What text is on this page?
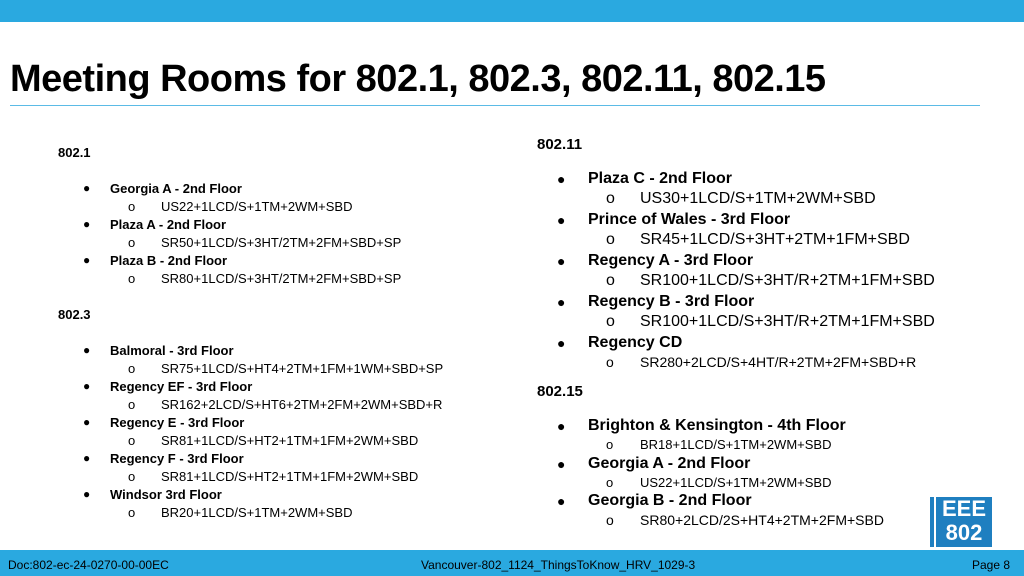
Meeting Rooms for 802.1, 802.3, 802.11, 802.15
802.1
● Georgia A - 2nd Floor
o US22+1LCD/S+1TM+2WM+SBD
● Plaza A - 2nd Floor
o SR50+1LCD/S+3HT/2TM+2FM+SBD+SP
● Plaza B - 2nd Floor
o SR80+1LCD/S+3HT/2TM+2FM+SBD+SP
802.3
● Balmoral - 3rd Floor
o SR75+1LCD/S+HT4+2TM+1FM+1WM+SBD+SP
● Regency EF - 3rd Floor
o SR162+2LCD/S+HT6+2TM+2FM+2WM+SBD+R
● Regency E - 3rd Floor
o SR81+1LCD/S+HT2+1TM+1FM+2WM+SBD
● Regency F - 3rd Floor
o SR81+1LCD/S+HT2+1TM+1FM+2WM+SBD
● Windsor 3rd Floor
o BR20+1LCD/S+1TM+2WM+SBD
802.11
● Plaza C - 2nd Floor
o US30+1LCD/S+1TM+2WM+SBD
● Prince of Wales - 3rd Floor
o SR45+1LCD/S+3HT+2TM+1FM+SBD
● Regency A - 3rd Floor
o SR100+1LCD/S+3HT/R+2TM+1FM+SBD
● Regency B - 3rd Floor
o SR100+1LCD/S+3HT/R+2TM+1FM+SBD
● Regency CD
o SR280+2LCD/S+4HT/R+2TM+2FM+SBD+R
802.15
● Brighton & Kensington - 4th Floor
o BR18+1LCD/S+1TM+2WM+SBD
● Georgia A - 2nd Floor
o US22+1LCD/S+1TM+2WM+SBD
● Georgia B - 2nd Floor
o SR80+2LCD/2S+HT4+2TM+2FM+SBD	EEE
802
Doc:802-ec-24-0270-00-00EC	Vancouver-802_1124_ThingsToKnow_HRV_1029-3	Page 8
